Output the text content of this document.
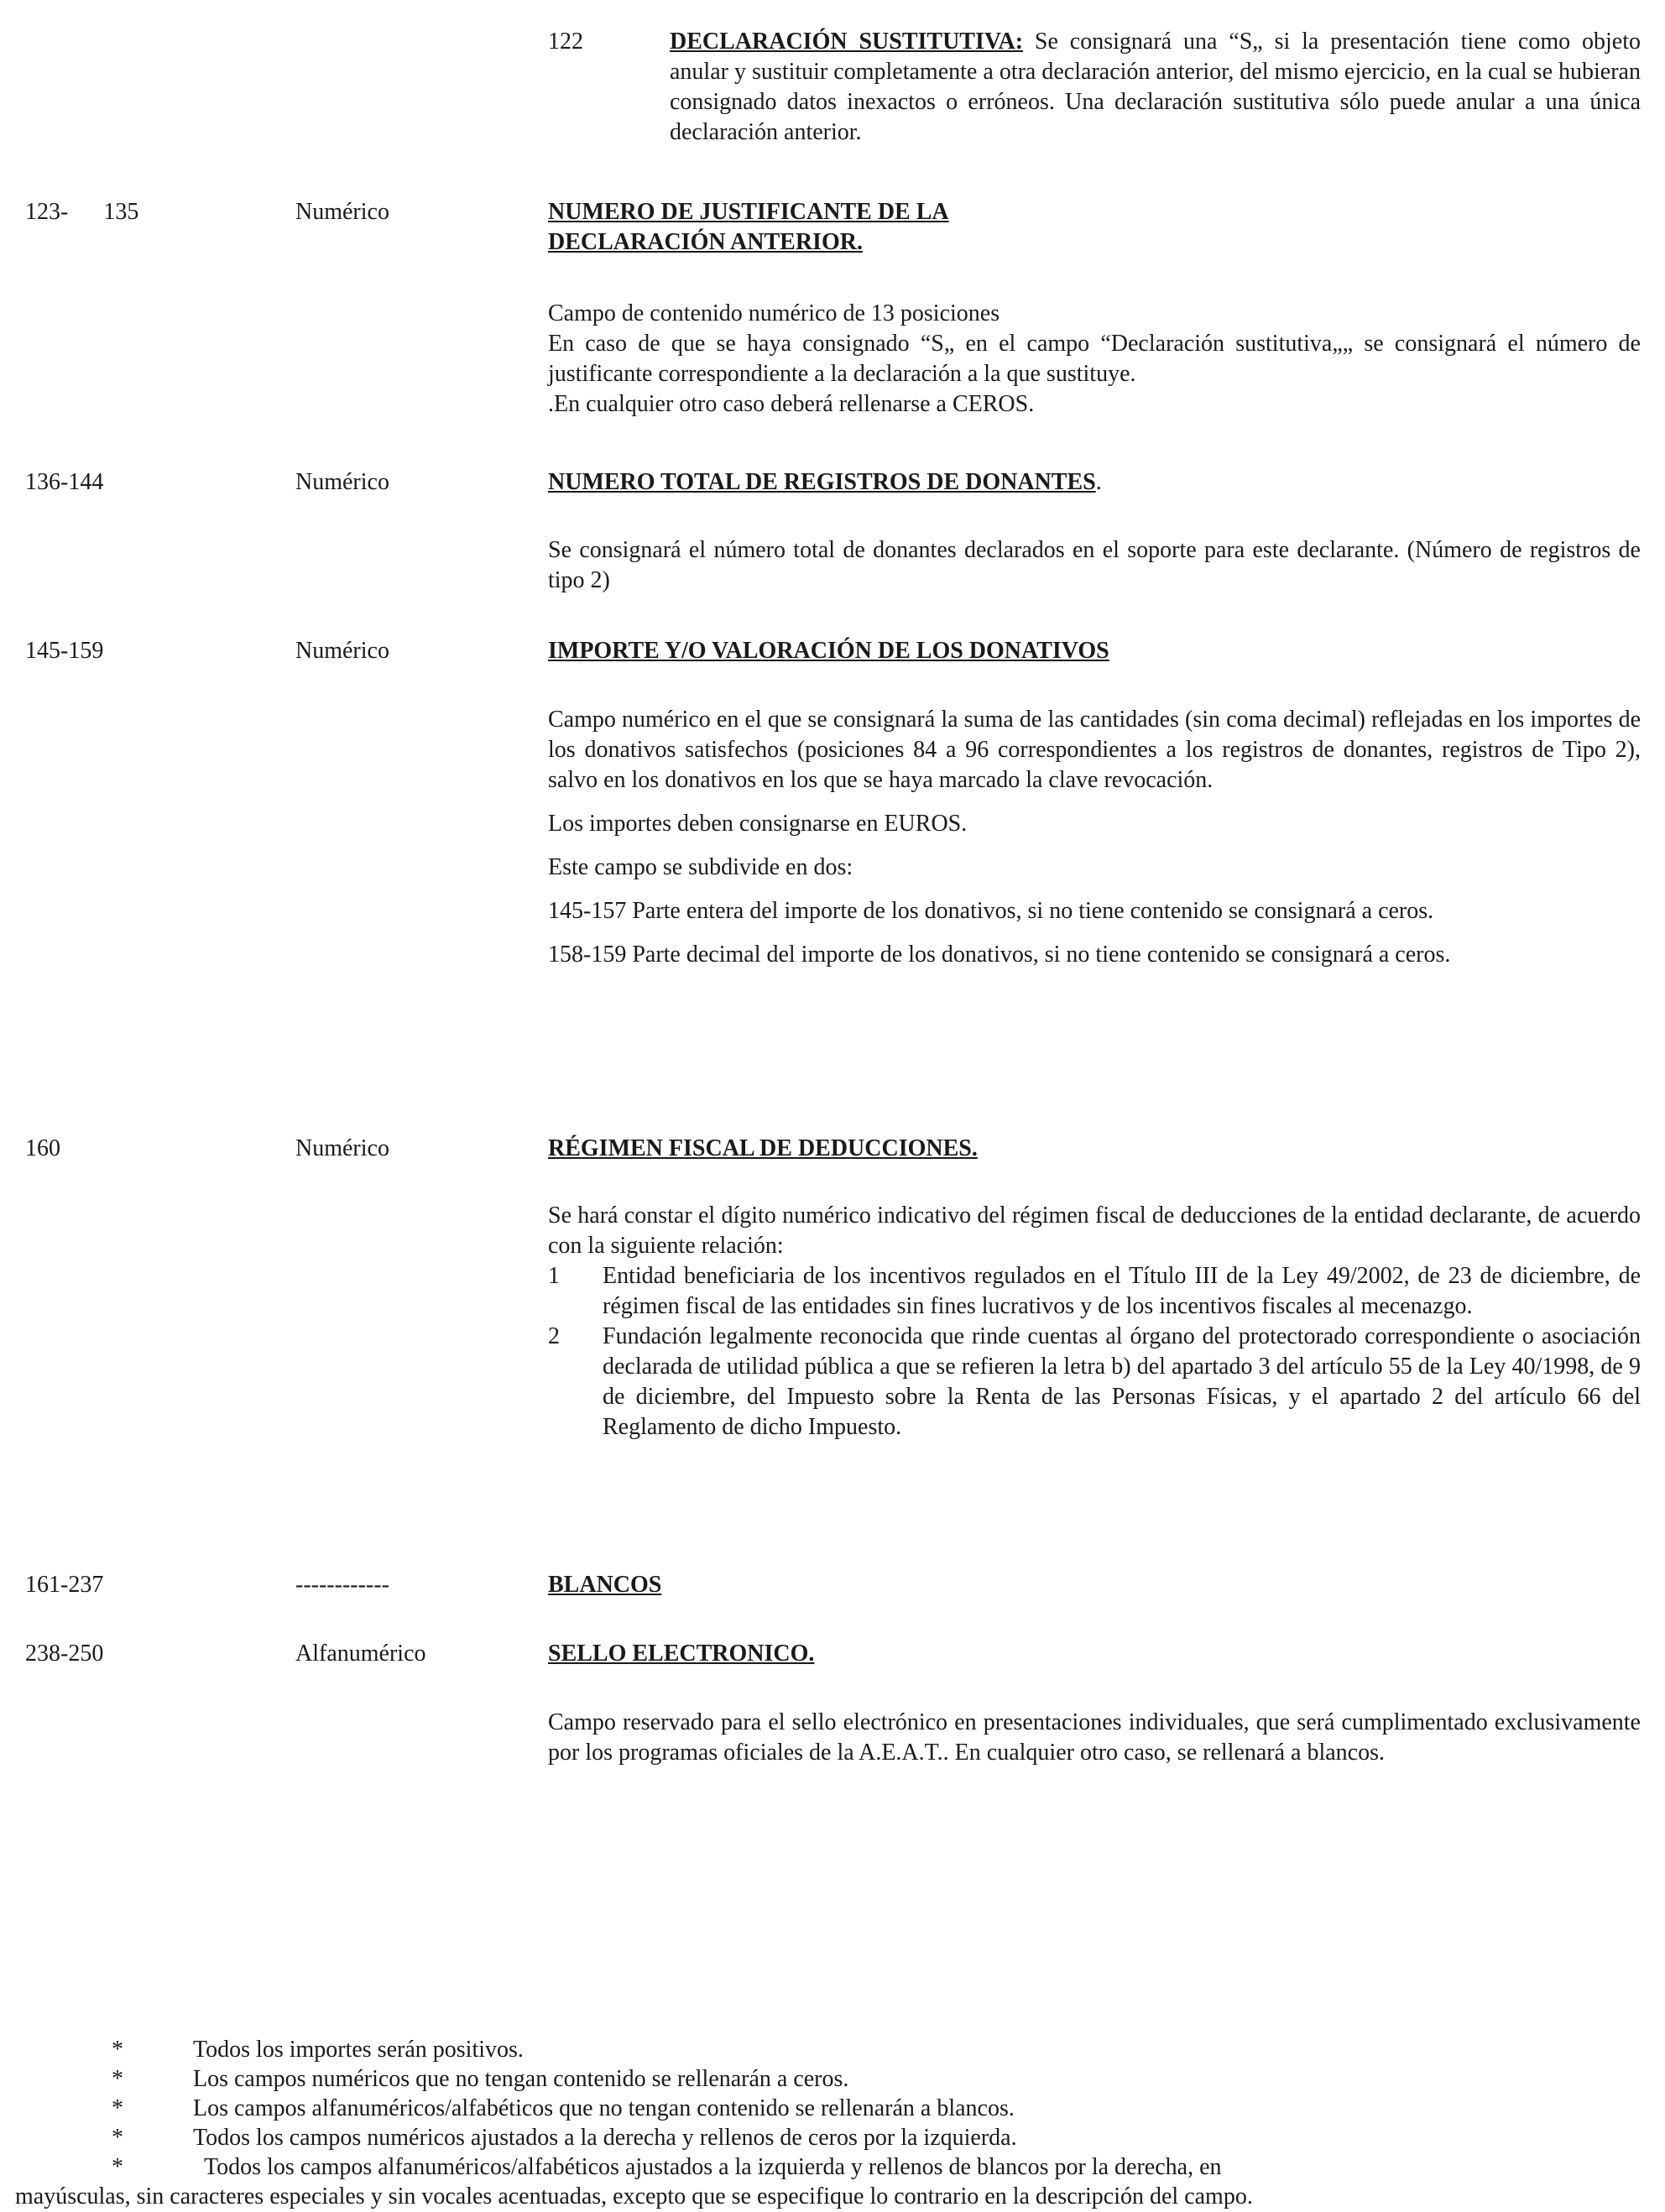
122	DECLARACIÓN SUSTITUTIVA: Se consignará una “S„ si la presentación tiene como objeto anular y sustituir completamente a otra declaración anterior, del mismo ejercicio, en la cual se hubieran consignado datos inexactos o erróneos. Una declaración sustitutiva sólo puede anular a una única declaración anterior.
123- 135	Numérico	NUMERO DE JUSTIFICANTE DE LA
DECLARACIÓN ANTERIOR.
Campo de contenido numérico de 13 posiciones
En caso de que se haya consignado “S„ en el campo “Declaración sustitutiva„„ se consignará el número de justificante correspondiente a la declaración a la que sustituye.
.En cualquier otro caso deberá rellenarse a CEROS.
136-144	Numérico	NUMERO TOTAL DE REGISTROS DE DONANTES.
Se consignará el número total de donantes declarados en el soporte para este declarante. (Número de registros de tipo 2)
145-159	Numérico	IMPORTE Y/O VALORACIÓN DE LOS DONATIVOS

Campo numérico en el que se consignará la suma de las cantidades (sin coma decimal) reflejadas en los importes de los donativos satisfechos (posiciones 84 a 96 correspondientes a los registros de donantes, registros de Tipo 2), salvo en los donativos en los que se haya marcado la clave revocación.

Los importes deben consignarse en EUROS.

Este campo se subdivide en dos:

145-157 Parte entera del importe de los donativos, si no tiene contenido se consignará a ceros.

158-159 Parte decimal del importe de los donativos, si no tiene contenido se consignará a ceros.

160	Numérico	RÉGIMEN FISCAL DE DEDUCCIONES.
Se hará constar el dígito numérico indicativo del régimen fiscal de deducciones de la entidad declarante, de acuerdo con la siguiente relación:
1	Entidad beneficiaria de los incentivos regulados en el Título III de la Ley 49/2002, de 23 de diciembre, de régimen fiscal de las entidades sin fines lucrativos y de los incentivos fiscales al mecenazgo.
2	Fundación legalmente reconocida que rinde cuentas al órgano del protectorado correspondiente o asociación declarada de utilidad pública a que se refieren la letra b) del apartado 3 del artículo 55 de la Ley 40/1998, de 9 de diciembre, del Impuesto sobre la Renta de las Personas Físicas, y el apartado 2 del artículo 66 del Reglamento de dicho Impuesto.
161-237	------------	BLANCOS
238-250	Alfanumérico	SELLO ELECTRONICO.
Campo reservado para el sello electrónico en presentaciones individuales, que será cumplimentado exclusivamente por los programas oficiales de la A.E.A.T.. En cualquier otro caso, se rellenará a blancos.
*	Todos los importes serán positivos.
*	Los campos numéricos que no tengan contenido se rellenarán a ceros.
*	Los campos alfanuméricos/alfabéticos que no tengan contenido se rellenarán a blancos.
*	Todos los campos numéricos ajustados a la derecha y rellenos de ceros por la izquierda.
*	Todos los campos alfanuméricos/alfabéticos ajustados a la izquierda y rellenos de blancos por la derecha, en
mayúsculas, sin caracteres especiales y sin vocales acentuadas, excepto que se especifique lo contrario en la descripción del campo.
